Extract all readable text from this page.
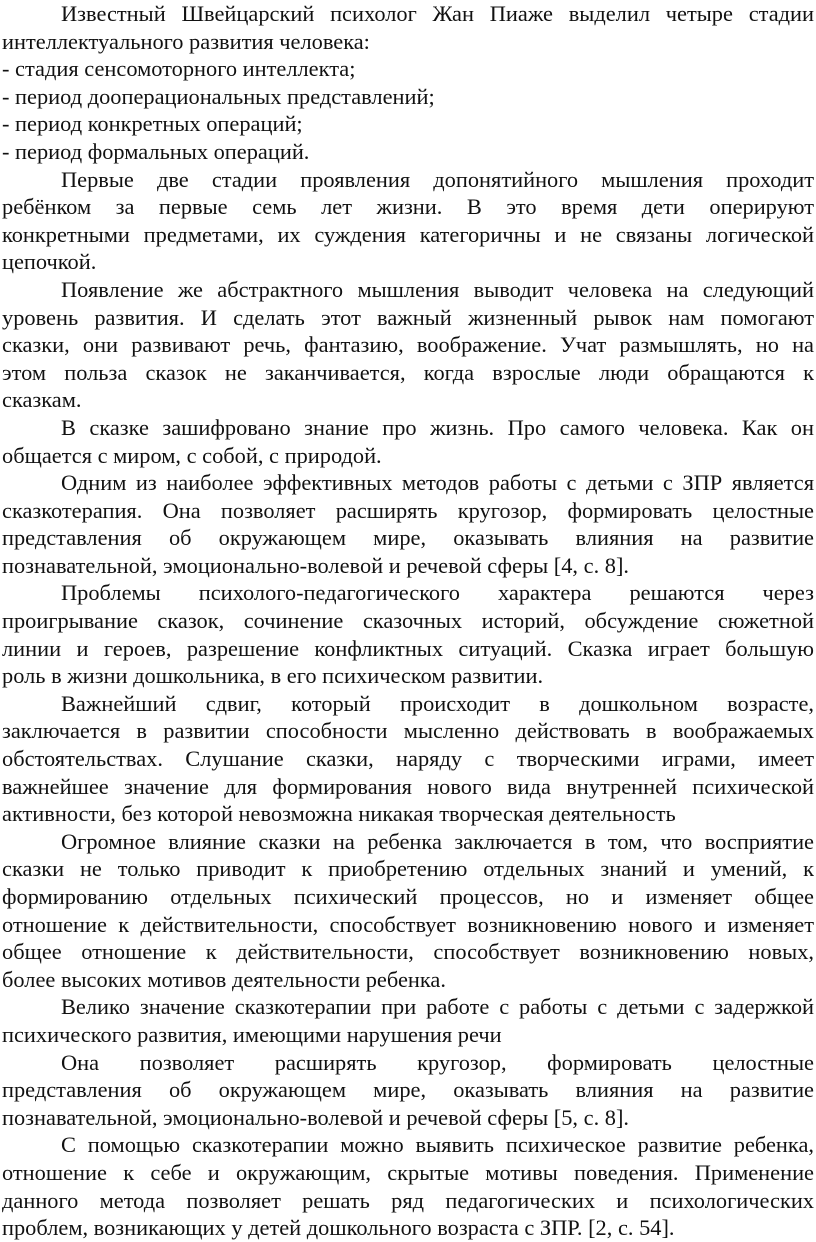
Известный Швейцарский психолог Жан Пиаже выделил четыре стадии
интеллектуального развития человека:
- стадия сенсомоторного интеллекта;
- период дооперациональных представлений;
- период конкретных операций;
- период формальных операций.
Первые две стадии проявления допонятийного мышления проходит
ребёнком за первые семь лет жизни. В это время дети оперируют
конкретными предметами, их суждения категоричны и не связаны логической
цепочкой.
Появление же абстрактного мышления выводит человека на следующий
уровень развития. И сделать этот важный жизненный рывок нам помогают
сказки, они развивают речь, фантазию, воображение. Учат размышлять, но на
этом польза сказок не заканчивается, когда взрослые люди обращаются к
сказкам.
В сказке зашифровано знание про жизнь. Про самого человека. Как он
общается с миром, с собой, с природой.
Одним из наиболее эффективных методов работы с детьми с ЗПР является
сказкотерапия. Она позволяет расширять кругозор, формировать целостные
представления об окружающем мире, оказывать влияния на развитие
познавательной, эмоционально-волевой и речевой сферы [4, с. 8].
Проблемы психолого-педагогического характера решаются через
проигрывание сказок, сочинение сказочных историй, обсуждение сюжетной
линии и героев, разрешение конфликтных ситуаций. Сказка играет большую
роль в жизни дошкольника, в его психическом развитии.
Важнейший сдвиг, который происходит в дошкольном возрасте,
заключается в развитии способности мысленно действовать в воображаемых
обстоятельствах. Слушание сказки, наряду с творческими играми, имеет
важнейшее значение для формирования нового вида внутренней психической
активности, без которой невозможна никакая творческая деятельность
Огромное влияние сказки на ребенка заключается в том, что восприятие
сказки не только приводит к приобретению отдельных знаний и умений, к
формированию отдельных психический процессов, но и изменяет общее
отношение к действительности, способствует возникновению нового и изменяет
общее отношение к действительности, способствует возникновению новых,
более высоких мотивов деятельности ребенка.
Велико значение сказкотерапии при работе с работы с детьми с задержкой
психического развития, имеющими нарушения речи
Она позволяет расширять кругозор, формировать целостные
представления об окружающем мире, оказывать влияния на развитие
познавательной, эмоционально-волевой и речевой сферы [5, с. 8].
С помощью сказкотерапии можно выявить психическое развитие ребенка,
отношение к себе и окружающим, скрытые мотивы поведения. Применение
данного метода позволяет решать ряд педагогических и психологических
проблем, возникающих у детей дошкольного возраста с ЗПР. [2, с. 54].
